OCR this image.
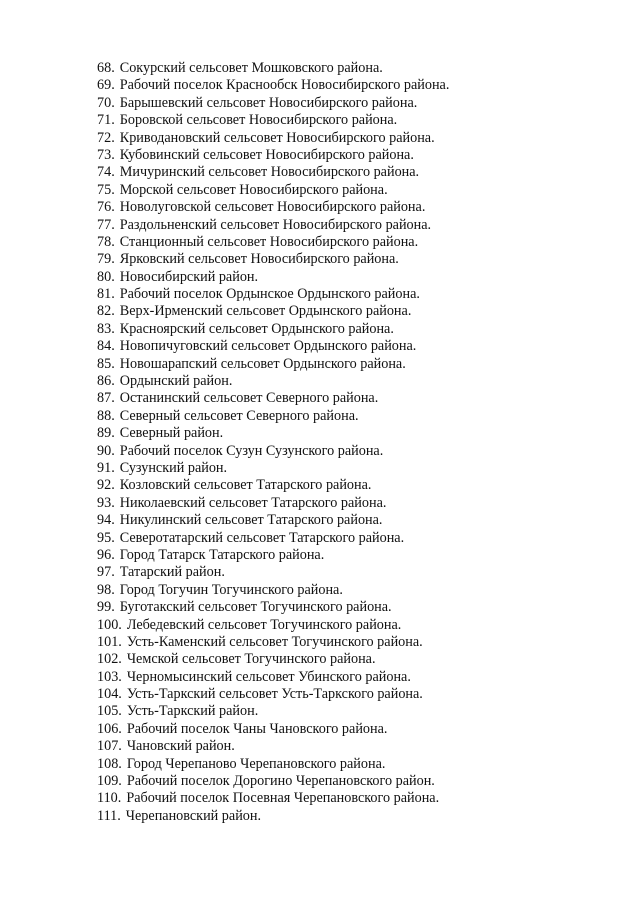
68. Сокурский сельсовет Мошковского района.
69. Рабочий поселок Краснообск Новосибирского района.
70. Барышевский сельсовет Новосибирского района.
71. Боровской сельсовет Новосибирского района.
72. Криводановский сельсовет Новосибирского района.
73. Кубовинский сельсовет Новосибирского района.
74. Мичуринский сельсовет Новосибирского района.
75. Морской сельсовет Новосибирского района.
76. Новолуговской сельсовет Новосибирского района.
77. Раздольненский сельсовет Новосибирского района.
78. Станционный сельсовет Новосибирского района.
79. Ярковский сельсовет Новосибирского района.
80. Новосибирский район.
81. Рабочий поселок Ордынское Ордынского района.
82. Верх-Ирменский сельсовет Ордынского района.
83. Красноярский сельсовет Ордынского района.
84. Новопичуговский сельсовет Ордынского района.
85. Новошарапский сельсовет Ордынского района.
86. Ордынский район.
87. Останинский сельсовет Северного района.
88. Северный сельсовет Северного района.
89. Северный район.
90. Рабочий поселок Сузун Сузунского района.
91. Сузунский район.
92. Козловский сельсовет Татарского района.
93. Николаевский сельсовет Татарского района.
94. Никулинский сельсовет Татарского района.
95. Северотатарский сельсовет Татарского района.
96. Город Татарск Татарского района.
97. Татарский район.
98. Город Тогучин Тогучинского района.
99. Буготакский сельсовет Тогучинского района.
100. Лебедевский сельсовет Тогучинского района.
101. Усть-Каменский сельсовет Тогучинского района.
102. Чемской сельсовет Тогучинского района.
103. Черномысинский сельсовет Убинского района.
104. Усть-Таркский сельсовет Усть-Таркского района.
105. Усть-Таркский район.
106. Рабочий поселок Чаны Чановского района.
107. Чановский район.
108. Город Черепаново Черепановского района.
109. Рабочий поселок Дорогино Черепановского район.
110. Рабочий поселок Посевная Черепановского района.
111. Черепановский район.
